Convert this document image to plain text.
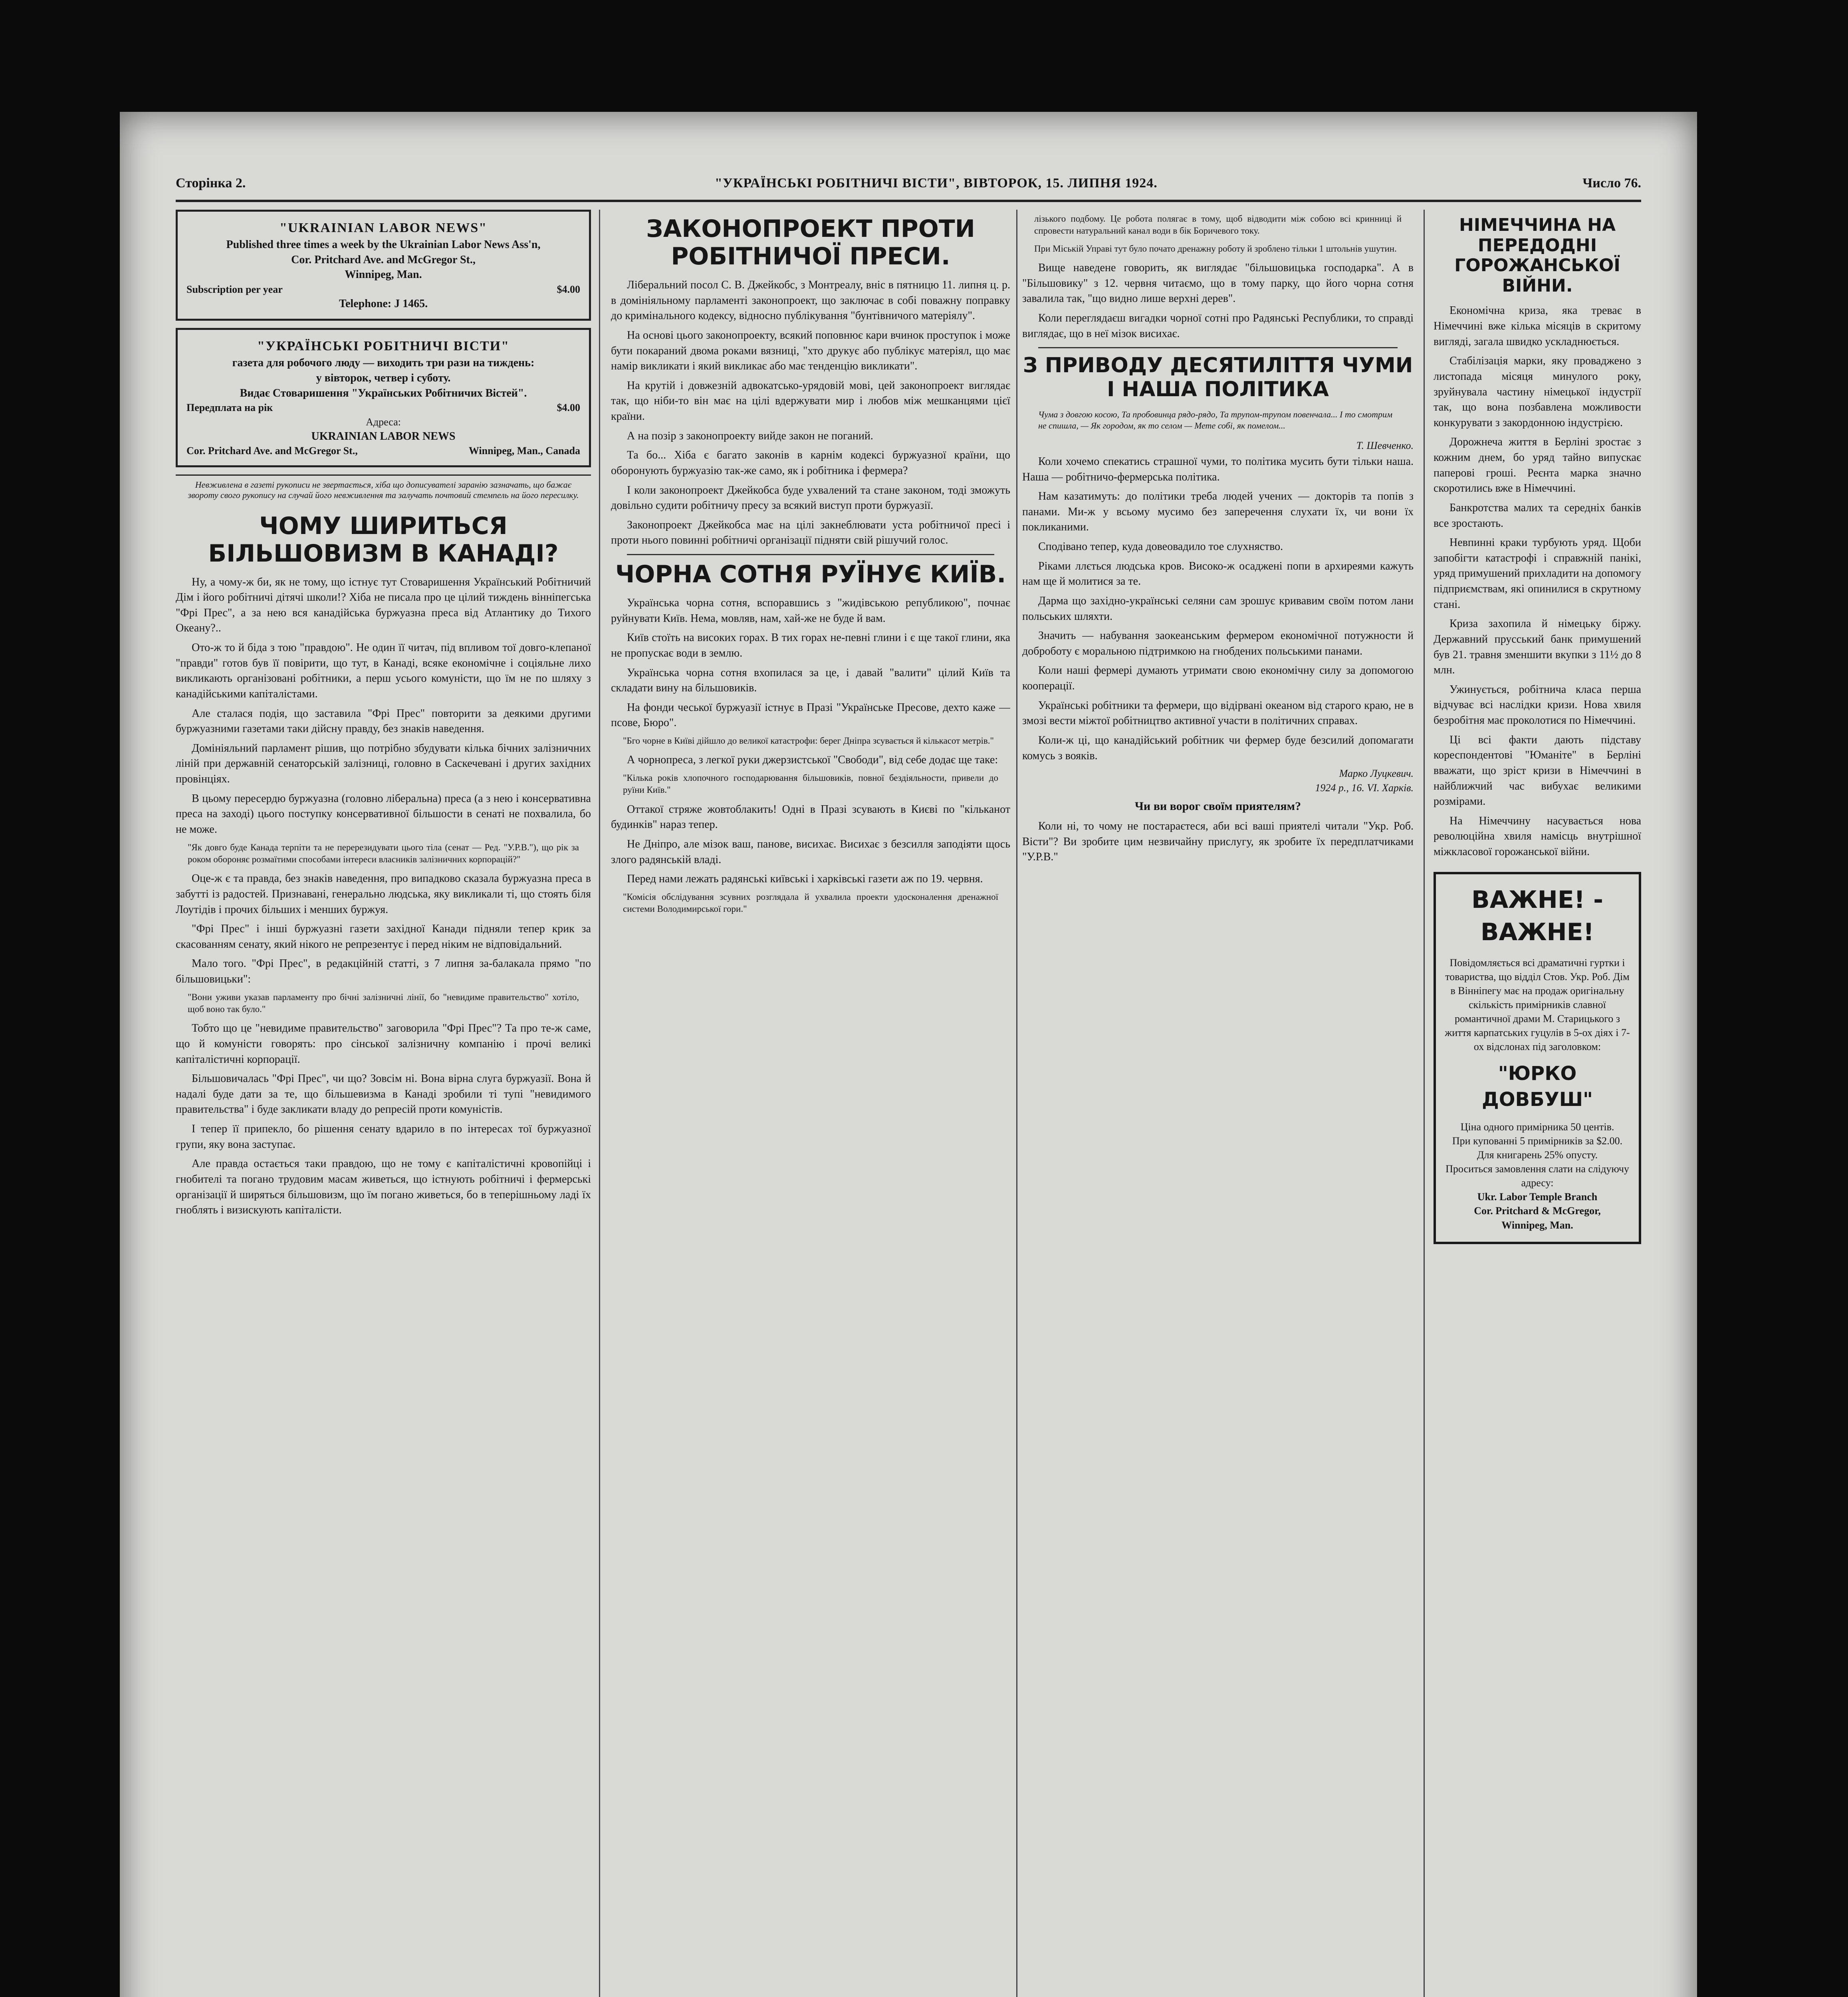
Сторінка 2.	"УКРАЇНСЬКІ РОБІТНИЧІ ВІСТИ", ВІВТОРОК, 15. ЛИПНЯ 1924.	Число 76.
"UKRAINIAN LABOR NEWS"
Published three times a week by the Ukrainian Labor News Ass'n,
Cor. Pritchard Ave. and McGregor St.,
Winnipeg, Man.
Subscription per year	$4.00
Telephone: J 1465.
"УКРАЇНСЬКІ РОБІТНИЧІ ВІСТИ"
газета для робочого люду — виходить три рази на тиждень:
у вівторок, четвер і суботу.
Видає Стоваришення "Українських Робітничих Вістей".
Передплата на рік	$4.00
Адреса:
UKRAINIAN LABOR NEWS
Cor. Pritchard Ave. and McGregor St.,	Winnipeg, Man., Canada
Невживлена в газеті рукописи не звертається, хіба що дописувателі заранію зазначать, що бажає звороту свого рукопису на случай його невживлення та залучать почтовий стемпель на його пересилку.
ЧОМУ ШИРИТЬСЯ БІЛЬШОВИЗМ В КАНАДІ?

Ну, а чому-ж би, як не тому, що істнує тут Стоваришення Український Робітничий Дім і його робітничі дітячі школи!? Хіба не писала про це цілий тиждень вінніпегська "Фрі Прес", а за нею вся канадійська буржуазна преса від Атлантику до Тихого Океану?..

Ото-ж то й біда з тою "правдою". Не один її читач, під впливом тої довго-клепаної "правди" готов був її повірити, що тут, в Канаді, всяке економічне і соціяльне лихо викликають організовані робітники, а перш усього комуністи, що їм не по шляху з канадійськими капіталістами.

Але сталася подія, що заставила "Фрі Прес" повторити за деякими другими буржуазними газетами таки дійсну правду, без знаків наведення.

Домініяльний парламент рішив, що потрібно збудувати кілька бічних залізничних ліній при державній сенаторській залізниці, головно в Саскечевані і других західних провінціях.

В цьому пересердю буржуазна (головно ліберальна) преса (а з нею і консервативна преса на заході) цього поступку консервативної більшости в сенаті не похвалила, бо не може.

"Як довго буде Канада терпіти та не перерезидувати цього тіла (сенат — Ред. "У.Р.В."), що рік за роком обороняє розмаїтими способами інтереси власників залізничних корпорацій?"

Оце-ж є та правда, без знаків наведення, про випадково сказала буржуазна преса в забутті із радостей. Признавані, генерально людська, яку викликали ті, що стоять біля Лоутідів і прочих більших і менших буржуя.

"Фрі Прес" і інші буржуазні газети західної Канади підняли тепер крик за скасованням сенату, який нікого не репрезентує і перед ніким не відповідальний.

Мало того. "Фрі Прес", в редакційній статті, з 7 липня за-балакала прямо "по більшовицьки":

"Вони уживи указав парламенту про бічні залізничні лінії, бо "невидиме правительство" хотіло, щоб воно так було."

Тобто що це "невидиме правительство" заговорила "Фрі Прес"? Та про те-ж саме, що й комуністи говорять: про сінської залізничну компанію і прочі великі капіталістичні корпорації.

Більшовичалась "Фрі Прес", чи що? Зовсім ні. Вона вірна слуга буржуазії. Вона й надалі буде дати за те, що більшевизма в Канаді зробили ті тупі "невидимого правительства" і буде закликати владу до репресій проти комуністів.

І тепер її припекло, бо рішення сенату вдарило в по інтересах тої буржуазної групи, яку вона заступає.

Але правда остається таки правдою, що не тому є капіталістичні кровопійці і гнобителі та погано трудовим масам живеться, що істнують робітничі і фермерські організації й ширяться більшовизм, що їм погано живеться, бо в теперішньому ладі їх гноблять і визискують капіталісти.

ЗАКОНОПРОЕКТ ПРОТИ РОБІТНИЧОЇ ПРЕСИ.

Ліберальний посол С. В. Джейкобс, з Монтреалу, вніс в пятницю 11. липня ц. р. в домініяльному парламенті законопроект, що заключає в собі поважну поправку до кримінального кодексу, відносно публікування "бунтівничого матеріялу".

На основі цього законопроекту, всякий поповнює кари вчинок проступок і може бути покараний двома роками вязниці, "хто друкує або публікує матеріял, що має намір викликати і який викликає або має тенденцію викликати".

На крутій і довжезній адвокатсько-урядовій мові, цей законопроект виглядає так, що ніби-то він має на цілі вдержувати мир і любов між мешканцями цієї країни.

А на позір з законопроекту вийде закон не поганий.

Та бо... Хіба є багато законів в карнім кодексі буржуазної країни, що оборонують буржуазію так-же само, як і робітника і фермера?

І коли законопроект Джейкобса буде ухвалений та стане законом, тоді зможуть довільно судити робітничу пресу за всякий виступ проти буржуазії.

Законопроект Джейкобса має на цілі закнеблювати уста робітничої пресі і проти нього повинні робітничі організації підняти свій рішучий голос.

ЧОРНА СОТНЯ РУЇНУЄ КИЇВ.

Українська чорна сотня, вспоравшись з "жидівською републикою", почнає руйнувати Київ. Нема, мовляв, нам, хай-же не буде й вам.

Київ стоїть на високих горах. В тих горах не-певні глини і є ще такої глини, яка не пропускає води в землю.

Українська чорна сотня вхопилася за це, і давай "валити" цілий Київ та складати вину на більшовиків.

На фонди чеської буржуазії істнує в Празі "Українське Пресове, дехто каже — псове, Бюро".

"Бго чорне в Київі дійшло до великої катастрофи: берег Дніпра зсувається й кількасот метрів."

А чорнопреса, з легкої руки джерзистської "Свободи", від себе додає ще таке:

"Кілька років хлопочного господарювання більшовиків, повної бездіяльности, привели до руїни Київ."

Оттакої стряже жовтоблакить! Одні в Празі зсувають в Києві по "кільканот будинків" нараз тепер.

Не Дніпро, але мізок ваш, панове, висихає. Висихає з безсилля заподіяти щось злого радянській владі.

Перед нами лежать радянські київські і харківські газети аж по 19. червня.

"Комісія обслідування зсувних розглядала й ухвалила проекти удосконалення дренажної системи Володимирської гори."

лізького подбому. Це робота полягає в тому, щоб відводити між собою всі кринниці й спровести натуральний канал води в бік Боричевого току.

При Міській Управі тут було почато дренажну роботу й зроблено тільки 1 штольнів ушутин.

Вище наведене говорить, як виглядає "більшовицька господарка". А в "Більшовику" з 12. червня читаємо, що в тому парку, що його чорна сотня завалила так, "що видно лише верхні дерев".

Коли переглядаєш вигадки чорної сотні про Радянські Республики, то справді виглядає, що в неї мізок висихає.

З ПРИВОДУ ДЕСЯТИЛІТТЯ ЧУМИ І НАША ПОЛІТИКА
Чума з довгою косою, Та пробовинца рядо-рядо, Та трупом-трупом повенчала... І то смотрим не спишла, — Як городом, як то селом — Мете собі, як помелом...
Т. Шевченко.

Коли хочемо спекатись страшної чуми, то політика мусить бути тільки наша. Наша — робітничо-фермерська політика.

Нам казатимуть: до політики треба людей учених — докторів та попів з панами. Ми-ж у всьому мусимо без заперечення слухати їх, чи вони їх покликаними.

Сподівано тепер, куда довеовадило тое слухняство.

Ріками ллється людська кров. Високо-ж осаджені попи в архиреями кажуть нам ще й молитися за те.

Дарма що західно-українські селяни сам зрошує кривавим своїм потом лани польських шляхти.

Значить — набування заокеанським фермером економічної потужности й доброботу є моральною підтримкою на гнобдених польськими панами.

Коли наші фермері думають утримати свою економічну силу за допомогою кооперації.

Українські робітники та фермери, що відірвані океаном від старого краю, не в змозі вести міжтої робітництво активної участи в політичних справах.

Коли-ж ці, що канадійський робітник чи фермер буде безсилий допомагати комусь з вояків.

Марко Луцкевич.
1924 р., 16. VI. Харків.
Чи ви ворог своїм приятелям?

Коли ні, то чому не постараєтеся, аби всі ваші приятелі читали "Укр. Роб. Вісти"? Ви зробите цим незвичайну прислугу, як зробите їх передплатчиками "У.Р.В."

НІМЕЧЧИНА НА ПЕРЕДОДНІ ГОРОЖАНСЬКОЇ ВІЙНИ.

Економічна криза, яка треває в Німеччині вже кілька місяців в скритому вигляді, загала швидко ускладнюється.

Стабілізація марки, яку проваджено з листопада місяця минулого року, зруйнувала частину німецької індустрії так, що вона позбавлена можливости конкурувати з закордонною індустрією.

Дорожнеча життя в Берліні зростає з кожним днем, бо уряд тайно випускає паперові гроші. Реєнта марка значно скоротились вже в Німеччині.

Банкротства малих та середніх банків все зростають.

Невпинні краки турбують уряд. Щоби запобігти катастрофі і справжній панікі, уряд примушений прихладити на допомогу підприємствам, які опинилися в скрутному стані.

Криза захопила й німецьку біржу. Державний прусський банк примушений був 21. травня зменшити вкупки з 11½ до 8 млн.

Ужинується, робітнича класа перша відчуває всі наслідки кризи. Нова хвиля безробітня має проколотися по Німеччині.

Ці всі факти дають підставу кореспондентові "Юманіте" в Берліні вважати, що зріст кризи в Німеччині в найближчий час вибухає великими розмірами.

На Німеччину насувається нова революційна хвиля намісць внутрішної міжкласової горожанської війни.

ВАЖНЕ! - ВАЖНЕ!
Повідомляється всі драматичні гуртки і товариства, що відділ Стов. Укр. Роб. Дім в Вінніпегу має на продаж оригінальну скількість примірників славної романтичної драми М. Старицького з життя карпатських гуцулів в 5-ох діях і 7-ох відслонах під заголовком:
"ЮРКО ДОВБУШ"
Ціна одного примірника 50 центів.
При купованні 5 примірників за $2.00. Для книгарень 25% опусту.
Проситься замовлення слати на слідуючу адресу:
Ukr. Labor Temple Branch
Cor. Pritchard & McGregor,
Winnipeg, Man.
